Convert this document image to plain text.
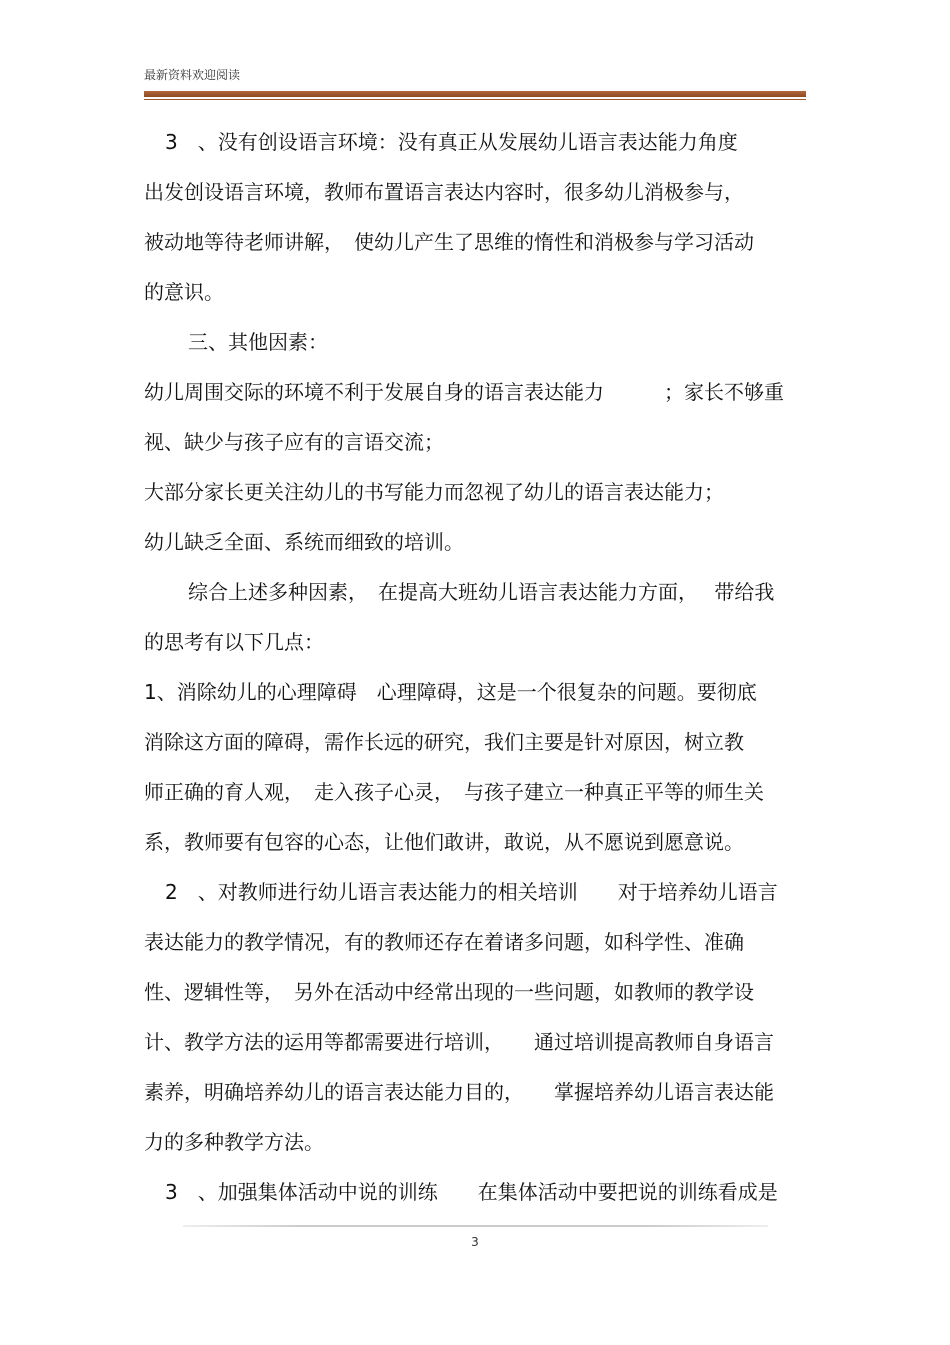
最新资料欢迎阅读
3　、没有创设语言环境：没有真正从发展幼儿语言表达能力角度
出发创设语言环境，教师布置语言表达内容时，很多幼儿消极参与，
被动地等待老师讲解，　使幼儿产生了思维的惰性和消极参与学习活动
的意识。
三、其他因素：
幼儿周围交际的环境不利于发展自身的语言表达能力　　　；家长不够重
视、缺少与孩子应有的言语交流；
大部分家长更关注幼儿的书写能力而忽视了幼儿的语言表达能力；
幼儿缺乏全面、系统而细致的培训。
综合上述多种因素，　在提高大班幼儿语言表达能力方面，　 带给我
的思考有以下几点：
1、消除幼儿的心理障碍　心理障碍，这是一个很复杂的问题。要彻底
消除这方面的障碍，需作长远的研究，我们主要是针对原因，树立教
师正确的育人观，　走入孩子心灵，　与孩子建立一种真正平等的师生关
系，教师要有包容的心态，让他们敢讲，敢说，从不愿说到愿意说。
2　、对教师进行幼儿语言表达能力的相关培训　　对于培养幼儿语言
表达能力的教学情况，有的教师还存在着诸多问题，如科学性、准确
性、逻辑性等，　另外在活动中经常出现的一些问题，如教师的教学设
计、教学方法的运用等都需要进行培训，　　通过培训提高教师自身语言
素养，明确培养幼儿的语言表达能力目的，　　掌握培养幼儿语言表达能
力的多种教学方法。
3　、加强集体活动中说的训练　　在集体活动中要把说的训练看成是
3
